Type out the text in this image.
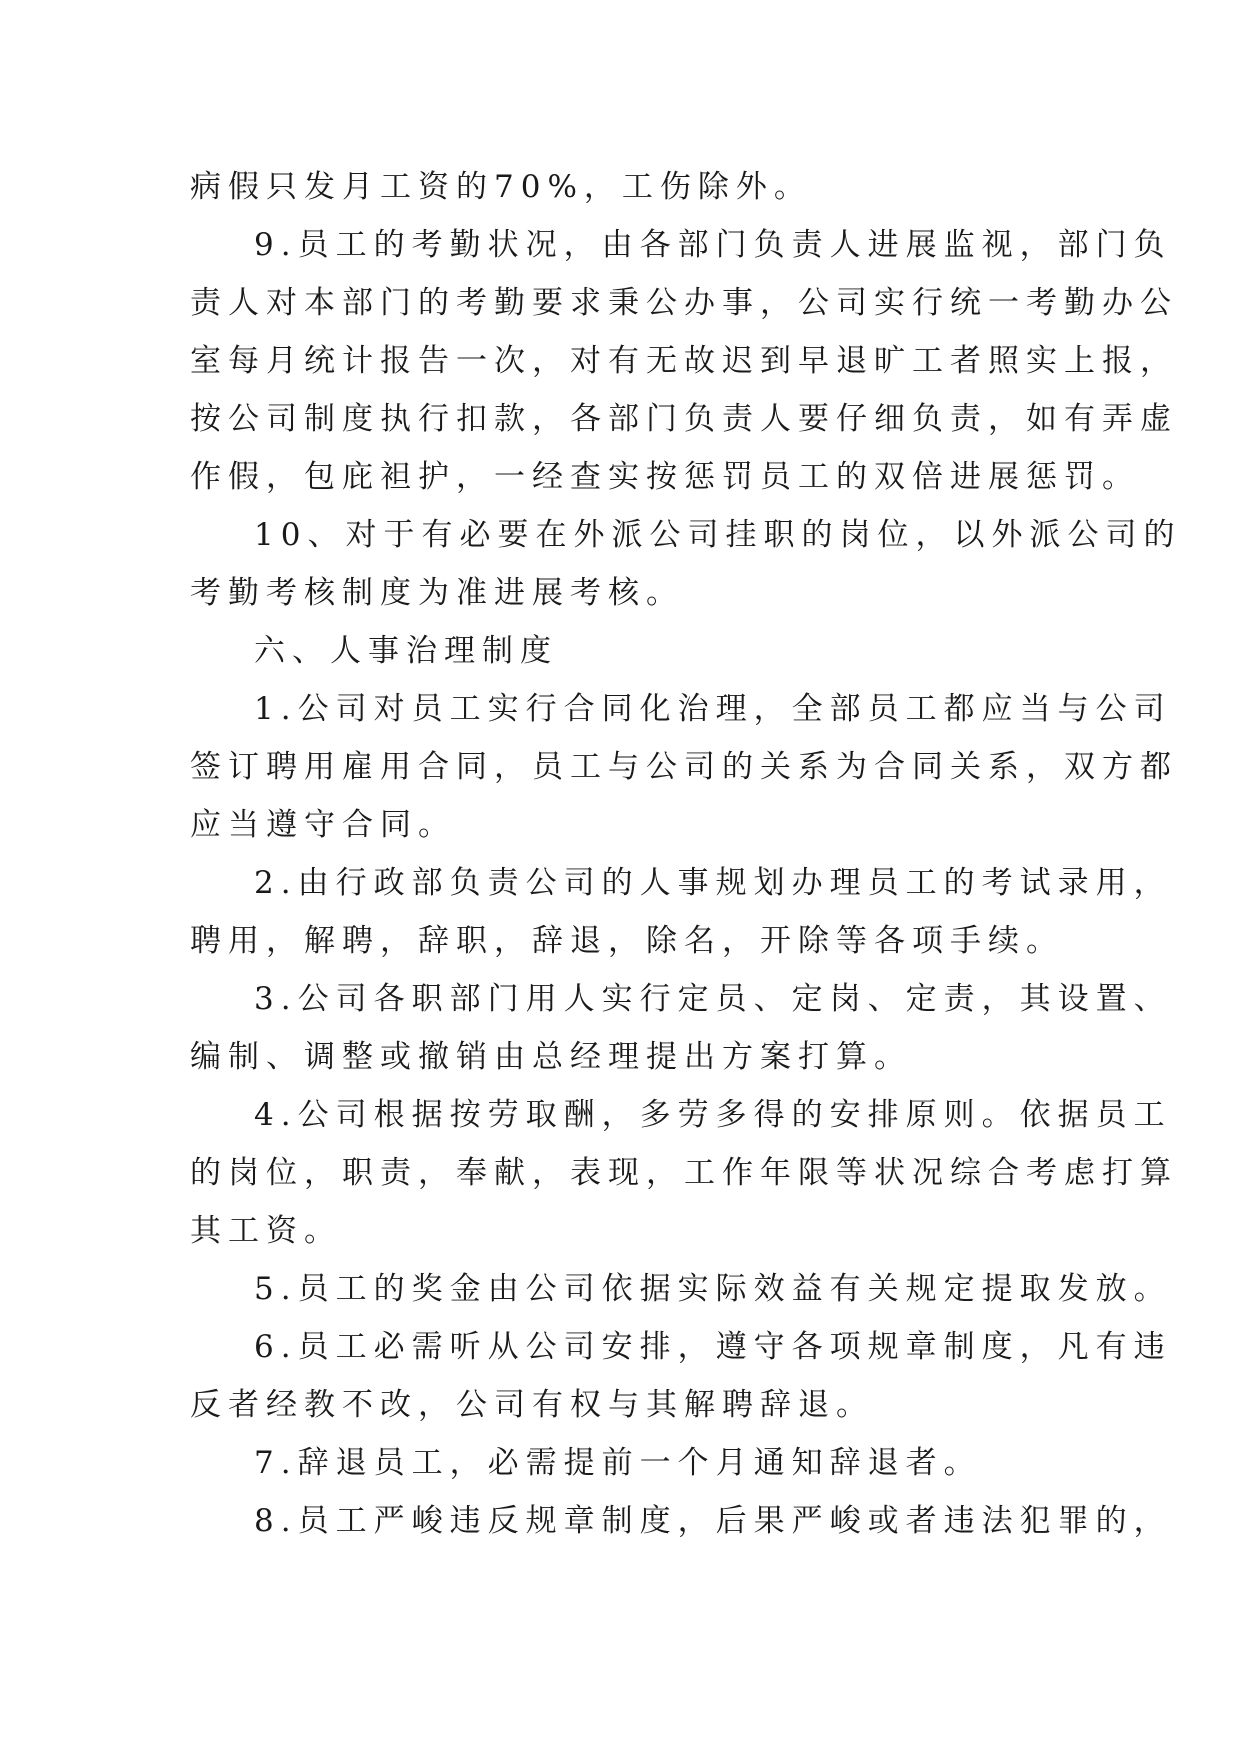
病假只发月工资的70%，工伤除外。
9.员工的考勤状况，由各部门负责人进展监视，部门负
责人对本部门的考勤要求秉公办事，公司实行统一考勤办公
室每月统计报告一次，对有无故迟到早退旷工者照实上报，
按公司制度执行扣款，各部门负责人要仔细负责，如有弄虚
作假，包庇袒护，一经查实按惩罚员工的双倍进展惩罚。
10、对于有必要在外派公司挂职的岗位，以外派公司的
考勤考核制度为准进展考核。
六、人事治理制度
1.公司对员工实行合同化治理，全部员工都应当与公司
签订聘用雇用合同，员工与公司的关系为合同关系，双方都
应当遵守合同。
2.由行政部负责公司的人事规划办理员工的考试录用，
聘用，解聘，辞职，辞退，除名，开除等各项手续。
3.公司各职部门用人实行定员、定岗、定责，其设置、
编制、调整或撤销由总经理提出方案打算。
4.公司根据按劳取酬，多劳多得的安排原则。依据员工
的岗位，职责，奉献，表现，工作年限等状况综合考虑打算
其工资。
5.员工的奖金由公司依据实际效益有关规定提取发放。
6.员工必需听从公司安排，遵守各项规章制度，凡有违
反者经教不改，公司有权与其解聘辞退。
7.辞退员工，必需提前一个月通知辞退者。
8.员工严峻违反规章制度，后果严峻或者违法犯罪的，
